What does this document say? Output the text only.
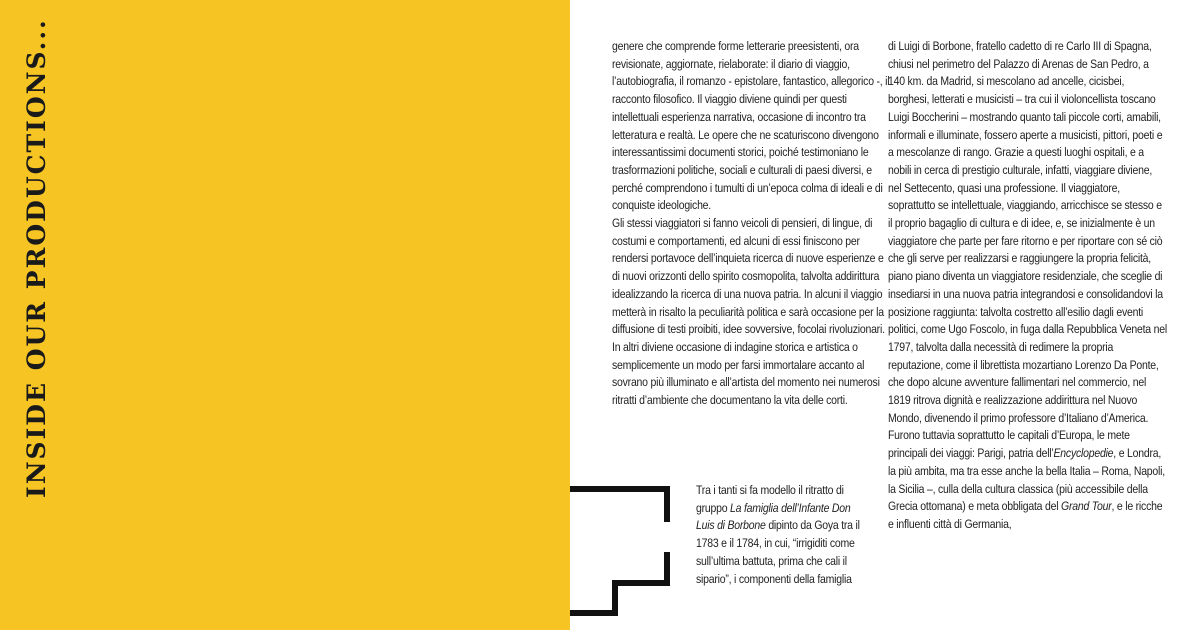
INSIDE OUR PRODUCTIONS...	genere che comprende forme letterarie preesistenti, ora revisionate, aggiornate, rielaborate: il diario di viaggio, l’autobiografia, il romanzo - epistolare, fantastico, allegorico -, il racconto filosofico. Il viaggio diviene quindi per questi intellettuali esperienza narrativa, occasione di incontro tra letteratura e realtà. Le opere che ne scaturiscono divengono interessantissimi documenti storici, poiché testimoniano le trasformazioni politiche, sociali e culturali di paesi diversi, e perché comprendono i tumulti di un’epoca colma di ideali e di conquiste ideologiche.

Gli stessi viaggiatori si fanno veicoli di pensieri, di lingue, di costumi e comportamenti, ed alcuni di essi finiscono per rendersi portavoce dell’inquieta ricerca di nuove esperienze e di nuovi orizzonti dello spirito cosmopolita, talvolta addirittura idealizzando la ricerca di una nuova patria. In alcuni il viaggio metterà in risalto la peculiarità politica e sarà occasione per la diffusione di testi proibiti, idee sovversive, focolai rivoluzionari. In altri diviene occasione di indagine storica e artistica o semplicemente un modo per farsi immortalare accanto al sovrano più illuminato e all’artista del momento nei numerosi ritratti d’ambiente che documentano la vita delle corti.

Tra i tanti si fa modello il ritratto di gruppo La famiglia dell’Infante Don Luis di Borbone dipinto da Goya tra il 1783 e il 1784, in cui, “irrigiditi come sull’ultima battuta, prima che cali il sipario”, i componenti della famiglia

di Luigi di Borbone, fratello cadetto di re Carlo III di Spagna, chiusi nel perimetro del Palazzo di Arenas de San Pedro, a 140 km. da Madrid, si mescolano ad ancelle, cicisbei, borghesi, letterati e musicisti – tra cui il violoncellista toscano Luigi Boccherini – mostrando quanto tali piccole corti, amabili, informali e illuminate, fossero aperte a musicisti, pittori, poeti e a mescolanze di rango. Grazie a questi luoghi ospitali, e a nobili in cerca di prestigio culturale, infatti, viaggiare diviene, nel Settecento, quasi una professione. Il viaggiatore, soprattutto se intellettuale, viaggiando, arricchisce se stesso e il proprio bagaglio di cultura e di idee, e, se inizialmente è un viaggiatore che parte per fare ritorno e per riportare con sé ciò che gli serve per realizzarsi e raggiungere la propria felicità, piano piano diventa un viaggiatore residenziale, che sceglie di insediarsi in una nuova patria integrandosi e consolidandovi la posizione raggiunta: talvolta costretto all’esilio dagli eventi politici, come Ugo Foscolo, in fuga dalla Repubblica Veneta nel 1797, talvolta dalla necessità di redimere la propria reputazione, come il librettista mozartiano Lorenzo Da Ponte, che dopo alcune avventure fallimentari nel commercio, nel 1819 ritrova dignità e realizzazione addirittura nel Nuovo Mondo, divenendo il primo professore d’Italiano d’America.

Furono tuttavia soprattutto le capitali d’Europa, le mete principali dei viaggi: Parigi, patria dell’Encyclopedie, e Londra, la più ambita, ma tra esse anche la bella Italia – Roma, Napoli, la Sicilia –, culla della cultura classica (più accessibile della Grecia ottomana) e meta obbligata del Grand Tour, e le ricche e influenti città di Germania,
